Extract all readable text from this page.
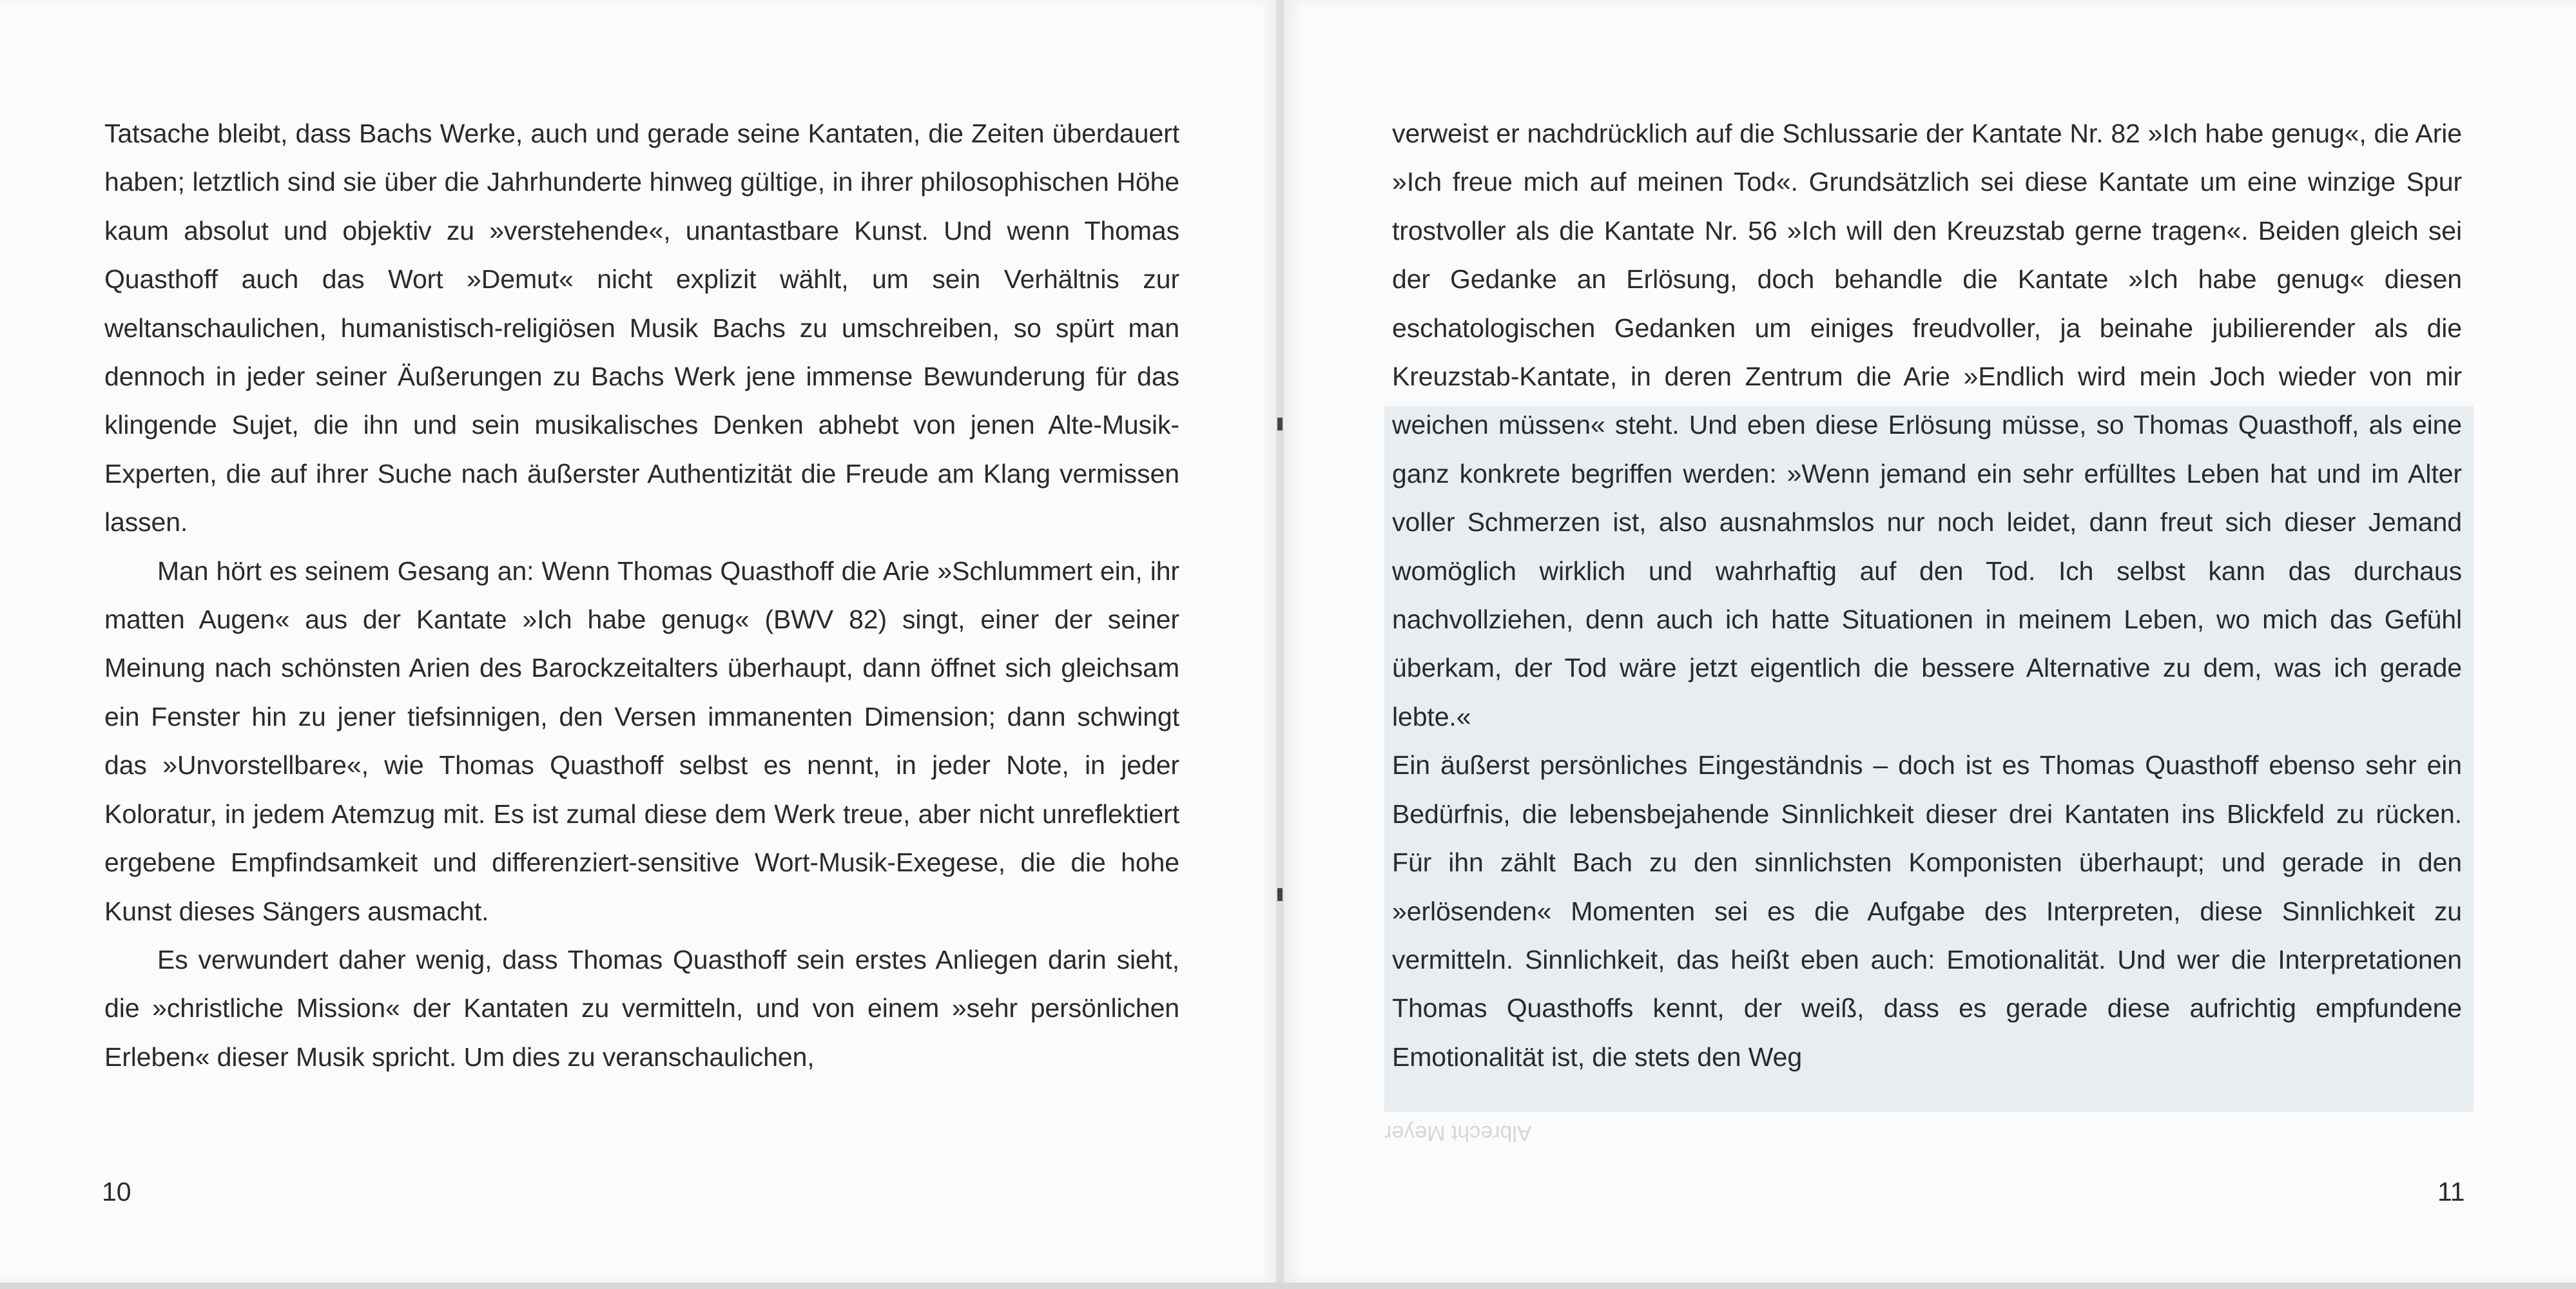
Tatsache bleibt, dass Bachs Werke, auch und gerade seine Kantaten, die Zeiten überdauert haben; letztlich sind sie über die Jahrhunderte hinweg gültige, in ihrer philosophischen Höhe kaum absolut und objektiv zu »verstehende«, unantastbare Kunst. Und wenn Thomas Quasthoff auch das Wort »Demut« nicht explizit wählt, um sein Verhältnis zur weltanschaulichen, humanistisch-religiösen Musik Bachs zu umschreiben, so spürt man dennoch in jeder seiner Äußerungen zu Bachs Werk jene immense Bewunderung für das klingende Sujet, die ihn und sein musikalisches Denken abhebt von jenen Alte-Musik-Experten, die auf ihrer Suche nach äußerster Authentizität die Freude am Klang vermissen lassen.

Man hört es seinem Gesang an: Wenn Thomas Quasthoff die Arie »Schlummert ein, ihr matten Augen« aus der Kantate »Ich habe genug« (BWV 82) singt, einer der seiner Meinung nach schönsten Arien des Barockzeitalters überhaupt, dann öffnet sich gleichsam ein Fenster hin zu jener tiefsinnigen, den Versen immanenten Dimension; dann schwingt das »Unvorstellbare«, wie Thomas Quasthoff selbst es nennt, in jeder Note, in jeder Koloratur, in jedem Atemzug mit. Es ist zumal diese dem Werk treue, aber nicht unreflektiert ergebene Empfindsamkeit und differenziert-sensitive Wort-Musik-Exegese, die die hohe Kunst dieses Sängers ausmacht.

Es verwundert daher wenig, dass Thomas Quasthoff sein erstes Anliegen darin sieht, die »christliche Mission« der Kantaten zu vermitteln, und von einem »sehr persönlichen Erleben« dieser Musik spricht. Um dies zu veranschaulichen,

10
Albrecht Meyer

verweist er nachdrücklich auf die Schlussarie der Kantate Nr. 82 »Ich habe genug«, die Arie »Ich freue mich auf meinen Tod«. Grundsätzlich sei diese Kantate um eine winzige Spur trostvoller als die Kantate Nr. 56 »Ich will den Kreuzstab gerne tragen«. Beiden gleich sei der Gedanke an Erlösung, doch behandle die Kantate »Ich habe genug« diesen eschatologischen Gedanken um einiges freudvoller, ja beinahe jubilierender als die Kreuzstab-Kantate, in deren Zentrum die Arie »Endlich wird mein Joch wieder von mir weichen müssen« steht. Und eben diese Erlösung müsse, so Thomas Quasthoff, als eine ganz konkrete begriffen werden: »Wenn jemand ein sehr erfülltes Leben hat und im Alter voller Schmerzen ist, also ausnahmslos nur noch leidet, dann freut sich dieser Jemand womöglich wirklich und wahrhaftig auf den Tod. Ich selbst kann das durchaus nachvollziehen, denn auch ich hatte Situationen in meinem Leben, wo mich das Gefühl überkam, der Tod wäre jetzt eigentlich die bessere Alternative zu dem, was ich gerade lebte.«

Ein äußerst persönliches Eingeständnis – doch ist es Thomas Quasthoff ebenso sehr ein Bedürfnis, die lebensbejahende Sinnlichkeit dieser drei Kantaten ins Blickfeld zu rücken. Für ihn zählt Bach zu den sinnlichsten Komponisten überhaupt; und gerade in den »erlösenden« Momenten sei es die Aufgabe des Interpreten, diese Sinnlichkeit zu vermitteln. Sinnlichkeit, das heißt eben auch: Emotionalität. Und wer die Interpretationen Thomas Quasthoffs kennt, der weiß, dass es gerade diese aufrichtig empfundene Emotionalität ist, die stets den Weg

11
